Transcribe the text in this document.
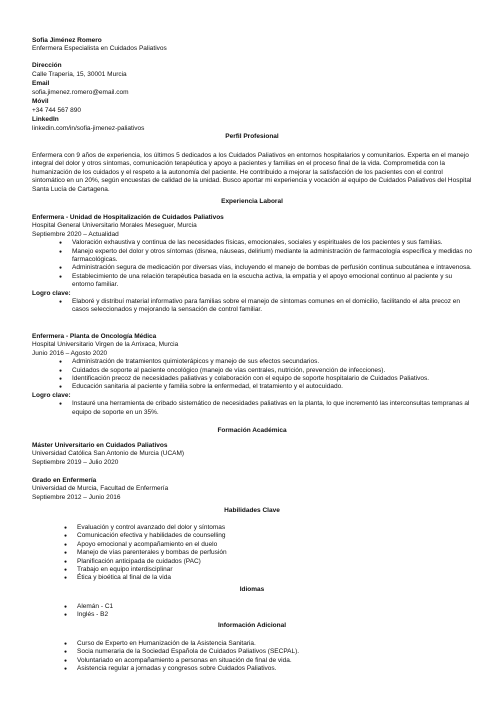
Sofia Jiménez Romero

Enfermera Especialista en Cuidados Paliativos

Dirección

Calle Trapería, 15, 30001 Murcia

Email

sofia.jimenez.romero@email.com

Móvil

+34 744 567 890

LinkedIn

linkedin.com/in/sofia-jimenez-paliativos

Perfil Profesional

Enfermera con 9 años de experiencia, los últimos 5 dedicados a los Cuidados Paliativos en entornos hospitalarios y comunitarios. Experta en el manejo integral del dolor y otros síntomas, comunicación terapéutica y apoyo a pacientes y familias en el proceso final de la vida. Comprometida con la humanización de los cuidados y el respeto a la autonomía del paciente. He contribuido a mejorar la satisfacción de los pacientes con el control sintomático en un 20%, según encuestas de calidad de la unidad. Busco aportar mi experiencia y vocación al equipo de Cuidados Paliativos del Hospital Santa Lucía de Cartagena.

Experiencia Laboral

Enfermera - Unidad de Hospitalización de Cuidados Paliativos

Hospital General Universitario Morales Meseguer, Murcia

Septiembre 2020 – Actualidad

● Valoración exhaustiva y continua de las necesidades físicas, emocionales, sociales y espirituales de los pacientes y sus familias.
● Manejo experto del dolor y otros síntomas (disnea, náuseas, delirium) mediante la administración de farmacología específica y medidas no farmacológicas.
● Administración segura de medicación por diversas vías, incluyendo el manejo de bombas de perfusión continua subcutánea e intravenosa.
● Establecimiento de una relación terapéutica basada en la escucha activa, la empatía y el apoyo emocional continuo al paciente y su entorno familiar.

Logro clave:

● Elaboré y distribuí material informativo para familias sobre el manejo de síntomas comunes en el domicilio, facilitando el alta precoz en casos seleccionados y mejorando la sensación de control familiar.

Enfermera - Planta de Oncología Médica

Hospital Universitario Virgen de la Arrixaca, Murcia

Junio 2016 – Agosto 2020

● Administración de tratamientos quimioterápicos y manejo de sus efectos secundarios.
● Cuidados de soporte al paciente oncológico (manejo de vías centrales, nutrición, prevención de infecciones).
● Identificación precoz de necesidades paliativas y colaboración con el equipo de soporte hospitalario de Cuidados Paliativos.
● Educación sanitaria al paciente y familia sobre la enfermedad, el tratamiento y el autocuidado.

Logro clave:

● Instauré una herramienta de cribado sistemático de necesidades paliativas en la planta, lo que incrementó las interconsultas tempranas al equipo de soporte en un 35%.

Formación Académica

Máster Universitario en Cuidados Paliativos

Universidad Católica San Antonio de Murcia (UCAM)

Septiembre 2019 – Julio 2020

Grado en Enfermería

Universidad de Murcia, Facultad de Enfermería

Septiembre 2012 – Junio 2016

Habilidades Clave

● Evaluación y control avanzado del dolor y síntomas
● Comunicación efectiva y habilidades de counselling
● Apoyo emocional y acompañamiento en el duelo
● Manejo de vías parenterales y bombas de perfusión
● Planificación anticipada de cuidados (PAC)
● Trabajo en equipo interdisciplinar
● Ética y bioética al final de la vida

Idiomas

● Alemán - C1
● Inglés - B2

Información Adicional

● Curso de Experto en Humanización de la Asistencia Sanitaria.
● Socia numeraria de la Sociedad Española de Cuidados Paliativos (SECPAL).
● Voluntariado en acompañamiento a personas en situación de final de vida.
● Asistencia regular a jornadas y congresos sobre Cuidados Paliativos.
